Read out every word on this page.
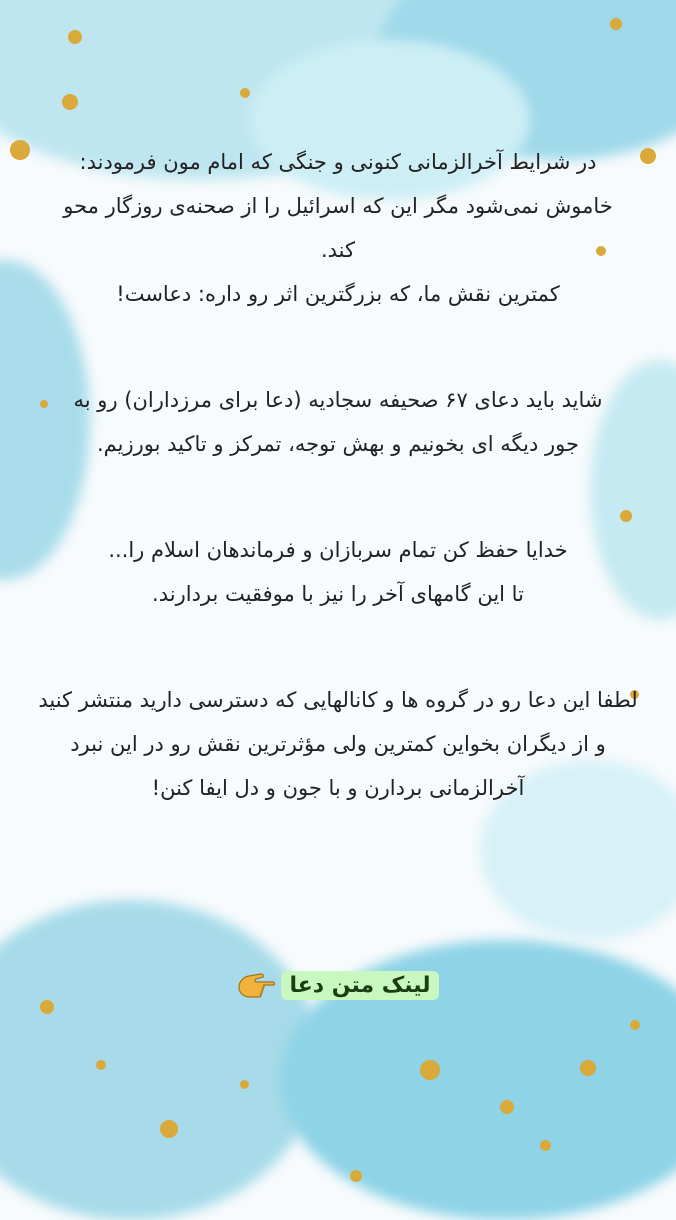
در شرایط آخرالزمانی کنونی و جنگی که امام مون فرمودند:
خاموش نمی‌شود مگر این که اسرائیل را از صحنه‌ی روزگار محو
کند.
کمترین نقش ما، که بزرگترین اثر رو داره: دعاست!
شاید باید دعای ۶۷ صحیفه سجادیه (دعا برای مرزداران) رو به
جور دیگه ای بخونیم و بهش توجه، تمرکز و تاکید بورزیم.
خدایا حفظ کن تمام سربازان و فرماندهان اسلام را...
تا این گامهای آخر را نیز با موفقیت بردارند.
لطفا این دعا رو در گروه ها و کانالهایی که دسترسی دارید منتشر کنید
و از دیگران بخواین کمترین ولی مؤثرترین نقش رو در این نبرد
آخرالزمانی بردارن و با جون و دل ایفا کنن!
لینک متن دعا
